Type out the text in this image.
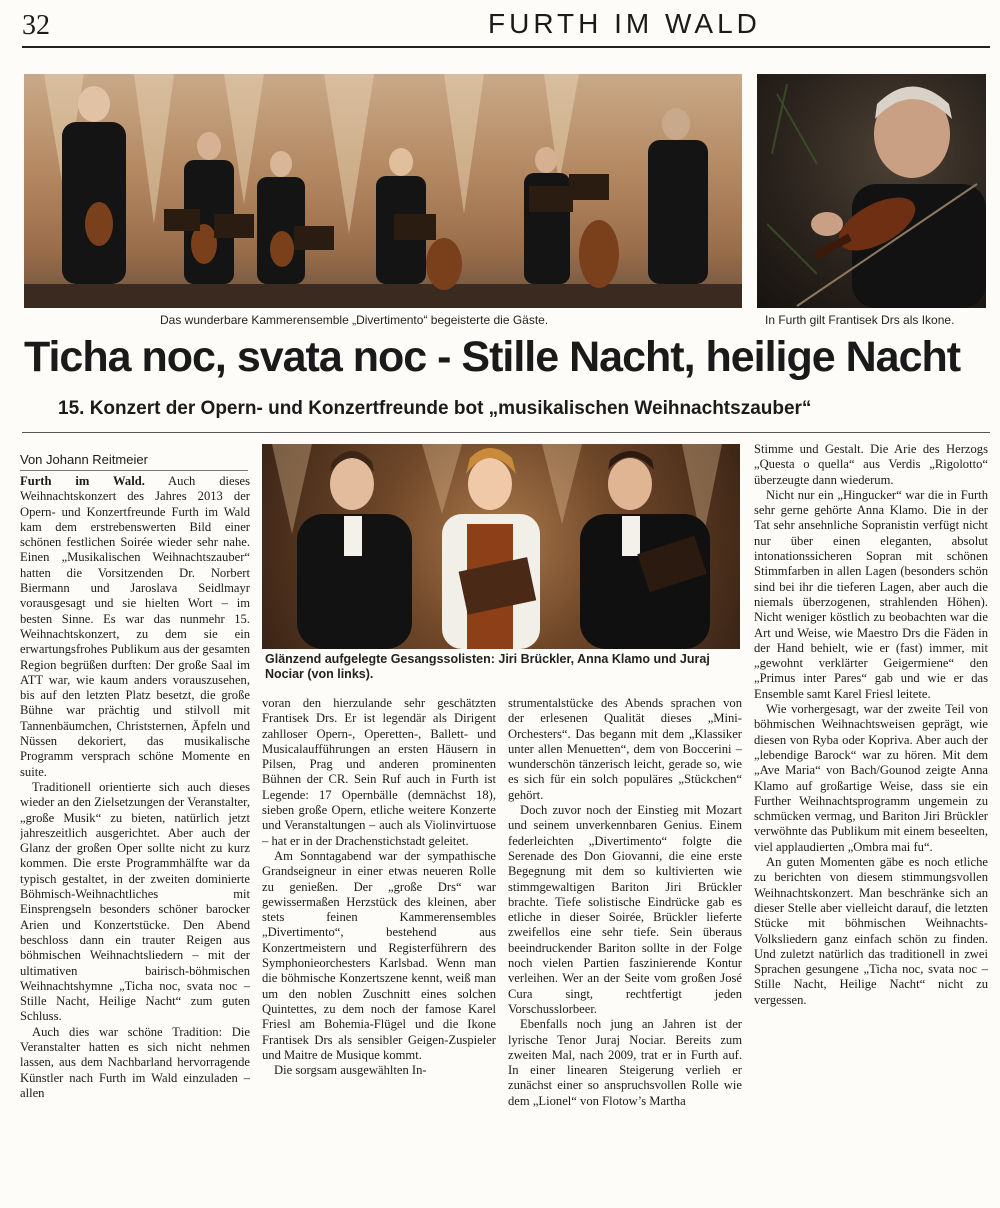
32	FURTH IM WALD
Das wunderbare Kammerensemble „Divertimento“ begeisterte die Gäste.	In Furth gilt Frantisek Drs als Ikone.
Ticha noc, svata noc - Stille Nacht, heilige Nacht
15. Konzert der Opern- und Konzertfreunde bot „musikalischen Weihnachtszauber“
Von Johann Reitmeier
Glänzend aufgelegte Gesangssolisten: Jiri Brückler, Anna Klamo und Juraj Nociar (von links).

Furth im Wald. Auch dieses Weihnachtskonzert des Jahres 2013 der Opern- und Konzertfreunde Furth im Wald kam dem erstrebenswerten Bild einer schönen festlichen Soirée wieder sehr nahe. Einen „Musikalischen Weihnachtszauber“ hatten die Vorsitzenden Dr. Norbert Biermann und Jaroslava Seidlmayr vorausgesagt und sie hielten Wort – im besten Sinne. Es war das nunmehr 15. Weihnachtskonzert, zu dem sie ein erwartungsfrohes Publikum aus der gesamten Region begrüßen durften: Der große Saal im ATT war, wie kaum anders vorauszusehen, bis auf den letzten Platz besetzt, die große Bühne war prächtig und stilvoll mit Tannenbäumchen, Christsternen, Äpfeln und Nüssen dekoriert, das musikalische Programm versprach schöne Momente en suite.

Traditionell orientierte sich auch dieses wieder an den Zielsetzungen der Veranstalter, „große Musik“ zu bieten, natürlich jetzt jahreszeitlich ausgerichtet. Aber auch der Glanz der großen Oper sollte nicht zu kurz kommen. Die erste Programmhälfte war da typisch gestaltet, in der zweiten dominierte Böhmisch-Weihnachtliches mit Einsprengseln besonders schöner barocker Arien und Konzertstücke. Den Abend beschloss dann ein trauter Reigen aus böhmischen Weihnachtsliedern – mit der ultimativen bairisch-böhmischen Weihnachtshymne „Ticha noc, svata noc – Stille Nacht, Heilige Nacht“ zum guten Schluss.

Auch dies war schöne Tradition: Die Veranstalter hatten es sich nicht nehmen lassen, aus dem Nachbarland hervorragende Künstler nach Furth im Wald einzuladen – allen

voran den hierzulande sehr geschätzten Frantisek Drs. Er ist legendär als Dirigent zahlloser Opern-, Operetten-, Ballett- und Musicalaufführungen an ersten Häusern in Pilsen, Prag und anderen prominenten Bühnen der CR. Sein Ruf auch in Furth ist Legende: 17 Opernbälle (demnächst 18), sieben große Opern, etliche weitere Konzerte und Veranstaltungen – auch als Violinvirtuose – hat er in der Drachenstichstadt geleitet.

Am Sonntagabend war der sympathische Grandseigneur in einer etwas neueren Rolle zu genießen. Der „große Drs“ war gewissermaßen Herzstück des kleinen, aber stets feinen Kammerensembles „Divertimento“, bestehend aus Konzertmeistern und Registerführern des Symphonieorchesters Karlsbad. Wenn man die böhmische Konzertszene kennt, weiß man um den noblen Zuschnitt eines solchen Quintettes, zu dem noch der famose Karel Friesl am Bohemia-Flügel und die Ikone Frantisek Drs als sensibler Geigen-Zuspieler und Maitre de Musique kommt.

Die sorgsam ausgewählten In-

strumentalstücke des Abends sprachen von der erlesenen Qualität dieses „Mini-Orchesters“. Das begann mit dem „Klassiker unter allen Menuetten“, dem von Boccerini – wunderschön tänzerisch leicht, gerade so, wie es sich für ein solch populäres „Stückchen“ gehört.

Doch zuvor noch der Einstieg mit Mozart und seinem unverkennbaren Genius. Einem federleichten „Divertimento“ folgte die Serenade des Don Giovanni, die eine erste Begegnung mit dem so kultivierten wie stimmgewaltigen Bariton Jiri Brückler brachte. Tiefe solistische Eindrücke gab es etliche in dieser Soirée, Brückler lieferte zweifellos eine sehr tiefe. Sein überaus beeindruckender Bariton sollte in der Folge noch vielen Partien faszinierende Kontur verleihen. Wer an der Seite vom großen José Cura singt, rechtfertigt jeden Vorschusslorbeer.

Ebenfalls noch jung an Jahren ist der lyrische Tenor Juraj Nociar. Bereits zum zweiten Mal, nach 2009, trat er in Furth auf. In einer linearen Steigerung verlieh er zunächst einer so anspruchsvollen Rolle wie dem „Lionel“ von Flotow’s Martha

Stimme und Gestalt. Die Arie des Herzogs „Questa o quella“ aus Verdis „Rigolotto“ überzeugte dann wiederum.

Nicht nur ein „Hingucker“ war die in Furth sehr gerne gehörte Anna Klamo. Die in der Tat sehr ansehnliche Sopranistin verfügt nicht nur über einen eleganten, absolut intonationssicheren Sopran mit schönen Stimmfarben in allen Lagen (besonders schön sind bei ihr die tieferen Lagen, aber auch die niemals überzogenen, strahlenden Höhen). Nicht weniger köstlich zu beobachten war die Art und Weise, wie Maestro Drs die Fäden in der Hand behielt, wie er (fast) immer, mit „gewohnt verklärter Geigermiene“ den „Primus inter Pares“ gab und wie er das Ensemble samt Karel Friesl leitete.

Wie vorhergesagt, war der zweite Teil von böhmischen Weihnachtsweisen geprägt, wie diesen von Ryba oder Kopriva. Aber auch der „lebendige Barock“ war zu hören. Mit dem „Ave Maria“ von Bach/Gounod zeigte Anna Klamo auf großartige Weise, dass sie ein Further Weihnachtsprogramm ungemein zu schmücken vermag, und Bariton Jiri Brückler verwöhnte das Publikum mit einem beseelten, viel applaudierten „Ombra mai fu“.

An guten Momenten gäbe es noch etliche zu berichten von diesem stimmungsvollen Weihnachtskonzert. Man beschränke sich an dieser Stelle aber vielleicht darauf, die letzten Stücke mit böhmischen Weihnachts-Volksliedern ganz einfach schön zu finden. Und zuletzt natürlich das traditionell in zwei Sprachen gesungene „Ticha noc, svata noc – Stille Nacht, Heilige Nacht“ nicht zu vergessen.
